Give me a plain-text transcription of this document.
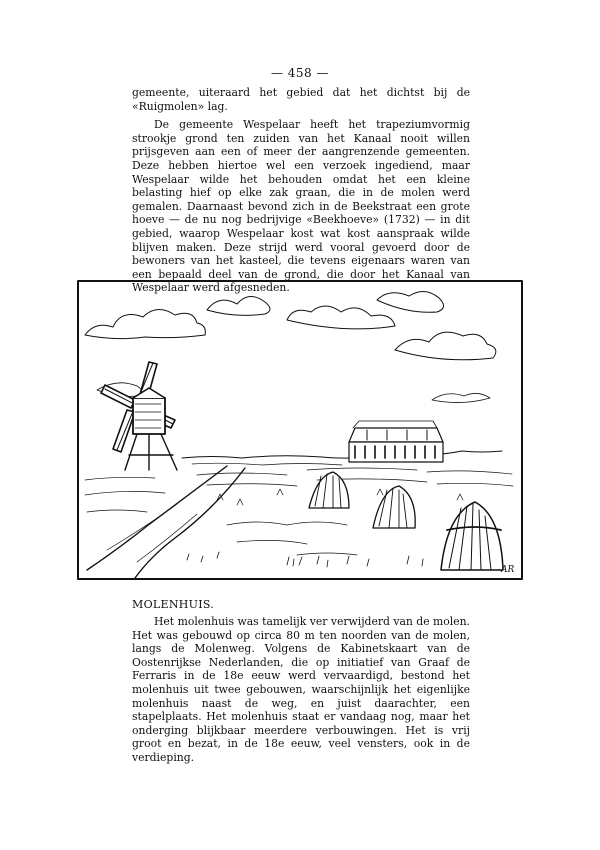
— 458 —

gemeente, uiteraard het gebied dat het dichtst bij de «Ruigmolen» lag.

De gemeente Wespelaar heeft het trapeziumvormig strookje grond ten zuiden van het Kanaal nooit willen prijsgeven aan een of meer der aangrenzende gemeenten. Deze hebben hiertoe wel een verzoek ingediend, maar Wespelaar wilde het behouden omdat het een kleine belasting hief op elke zak graan, die in de molen werd gemalen. Daarnaast bevond zich in de Beekstraat een grote hoeve — de nu nog bedrijvige «Beekhoeve» (1732) — in dit gebied, waarop Wespelaar kost wat kost aanspraak wilde blijven maken. Deze strijd werd vooral gevoerd door de bewoners van het kasteel, die tevens eigenaars waren van een bepaald deel van de grond, die door het Kanaal van Wespelaar werd afgesneden.

AR
MOLENHUIS.

Het molenhuis was tamelijk ver verwijderd van de molen. Het was gebouwd op circa 80 m ten noorden van de molen, langs de Molenweg. Volgens de Kabinetskaart van de Oostenrijkse Nederlanden, die op initiatief van Graaf de Ferraris in de 18e eeuw werd vervaardigd, bestond het molenhuis uit twee gebouwen, waarschijnlijk het eigenlijke molenhuis naast de weg, en juist daarachter, een stapelplaats. Het molenhuis staat er vandaag nog, maar het onderging blijkbaar meerdere verbouwingen. Het is vrij groot en bezat, in de 18e eeuw, veel vensters, ook in de verdieping.
